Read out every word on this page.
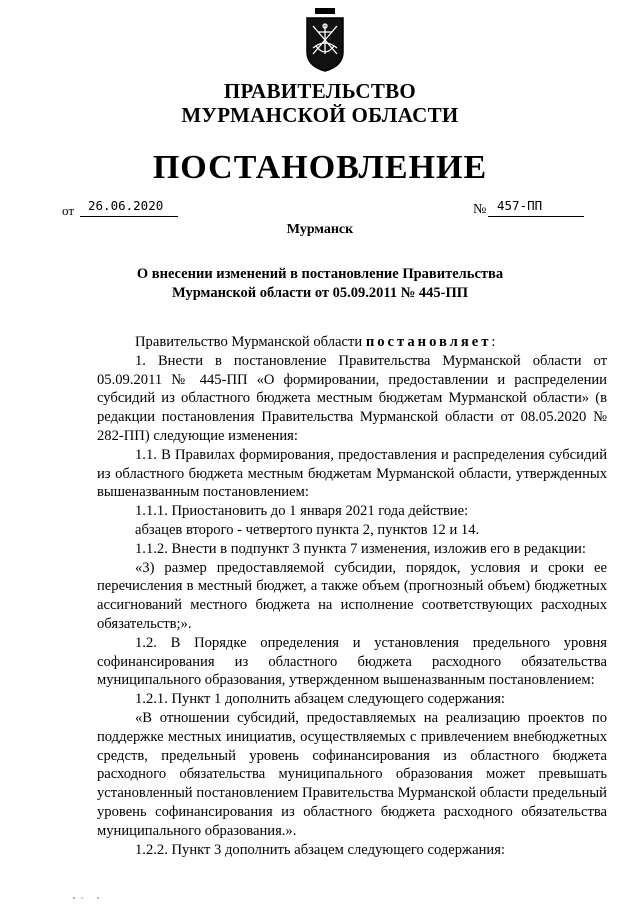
ПРАВИТЕЛЬСТВО
МУРМАНСКОЙ ОБЛАСТИ
ПОСТАНОВЛЕНИЕ
от 26.06.2020	№ 457-ПП
Мурманск
О внесении изменений в постановление Правительства
Мурманской области от 05.09.2011 № 445-ПП

Правительство Мурманской области постановляет:

1. Внести в постановление Правительства Мурманской области от 05.09.2011 № 445-ПП «О формировании, предоставлении и распределении субсидий из областного бюджета местным бюджетам Мурманской области» (в редакции постановления Правительства Мурманской области от 08.05.2020 № 282-ПП) следующие изменения:

1.1. В Правилах формирования, предоставления и распределения субсидий из областного бюджета местным бюджетам Мурманской области, утвержденных вышеназванным постановлением:

1.1.1. Приостановить до 1 января 2021 года действие:

абзацев второго - четвертого пункта 2, пунктов 12 и 14.

1.1.2. Внести в подпункт 3 пункта 7 изменения, изложив его в редакции:

«3) размер предоставляемой субсидии, порядок, условия и сроки ее перечисления в местный бюджет, а также объем (прогнозный объем) бюджетных ассигнований местного бюджета на исполнение соответствующих расходных обязательств;».

1.2. В Порядке определения и установления предельного уровня софинансирования из областного бюджета расходного обязательства муниципального образования, утвержденном вышеназванным постановлением:

1.2.1. Пункт 1 дополнить абзацем следующего содержания:

«В отношении субсидий, предоставляемых на реализацию проектов по поддержке местных инициатив, осуществляемых с привлечением внебюджетных средств, предельный уровень софинансирования из областного бюджета расходного обязательства муниципального образования может превышать установленный постановлением Правительства Мурманской области предельный уровень софинансирования из областного бюджета расходного обязательства муниципального образования.».

1.2.2. Пункт 3 дополнить абзацем следующего содержания:
